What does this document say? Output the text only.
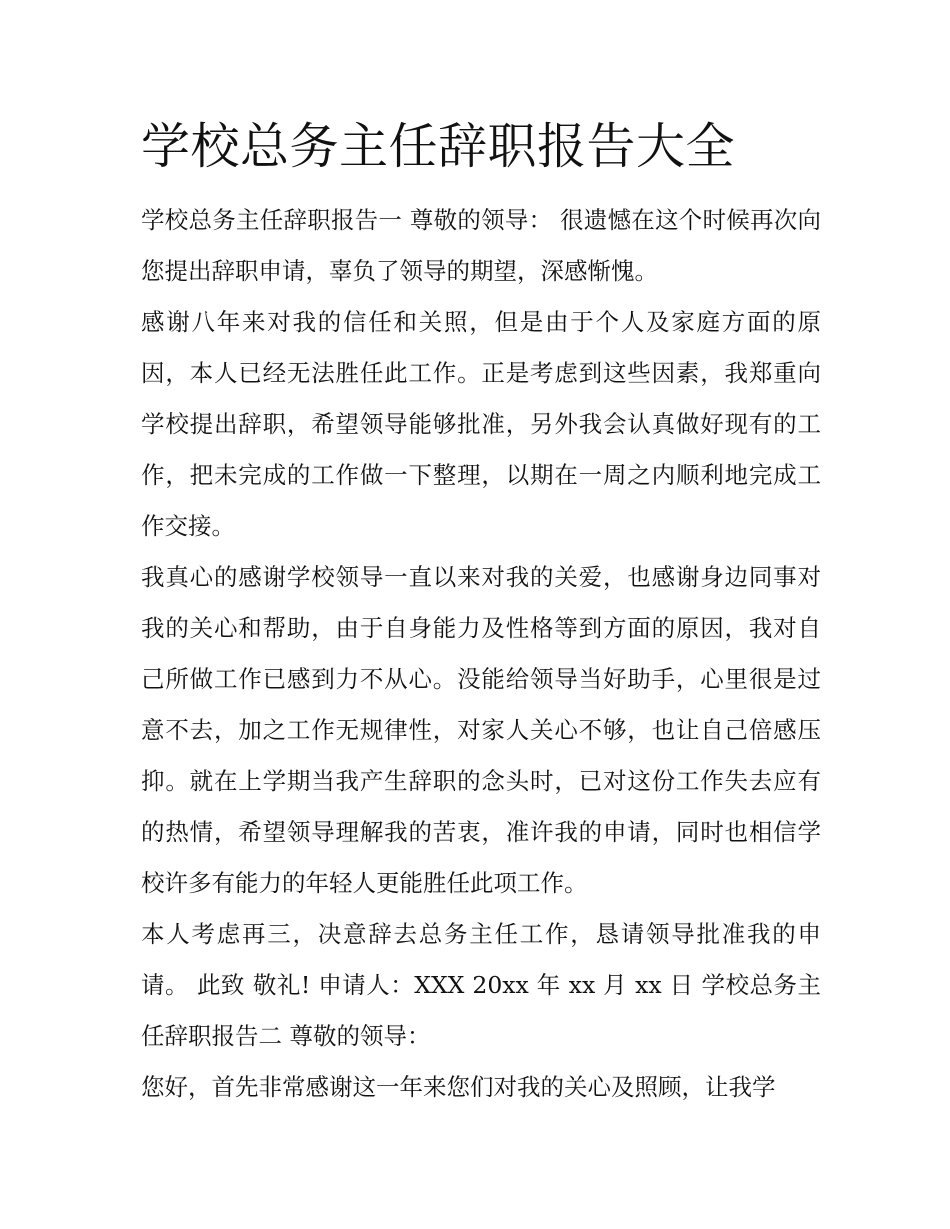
学校总务主任辞职报告大全

学校总务主任辞职报告一 尊敬的领导： 很遗憾在这个时候再次向您提出辞职申请，辜负了领导的期望，深感惭愧。

感谢八年来对我的信任和关照，但是由于个人及家庭方面的原因，本人已经无法胜任此工作。正是考虑到这些因素，我郑重向学校提出辞职，希望领导能够批准，另外我会认真做好现有的工作，把未完成的工作做一下整理，以期在一周之内顺利地完成工作交接。

我真心的感谢学校领导一直以来对我的关爱，也感谢身边同事对我的关心和帮助，由于自身能力及性格等到方面的原因，我对自己所做工作已感到力不从心。没能给领导当好助手，心里很是过意不去，加之工作无规律性，对家人关心不够，也让自己倍感压抑。就在上学期当我产生辞职的念头时，已对这份工作失去应有的热情，希望领导理解我的苦衷，准许我的申请，同时也相信学校许多有能力的年轻人更能胜任此项工作。

本人考虑再三，决意辞去总务主任工作，恳请领导批准我的申请。 此致 敬礼! 申请人：XXX 20xx 年 xx 月 xx 日 学校总务主任辞职报告二 尊敬的领导：

您好，首先非常感谢这一年来您们对我的关心及照顾，让我学
